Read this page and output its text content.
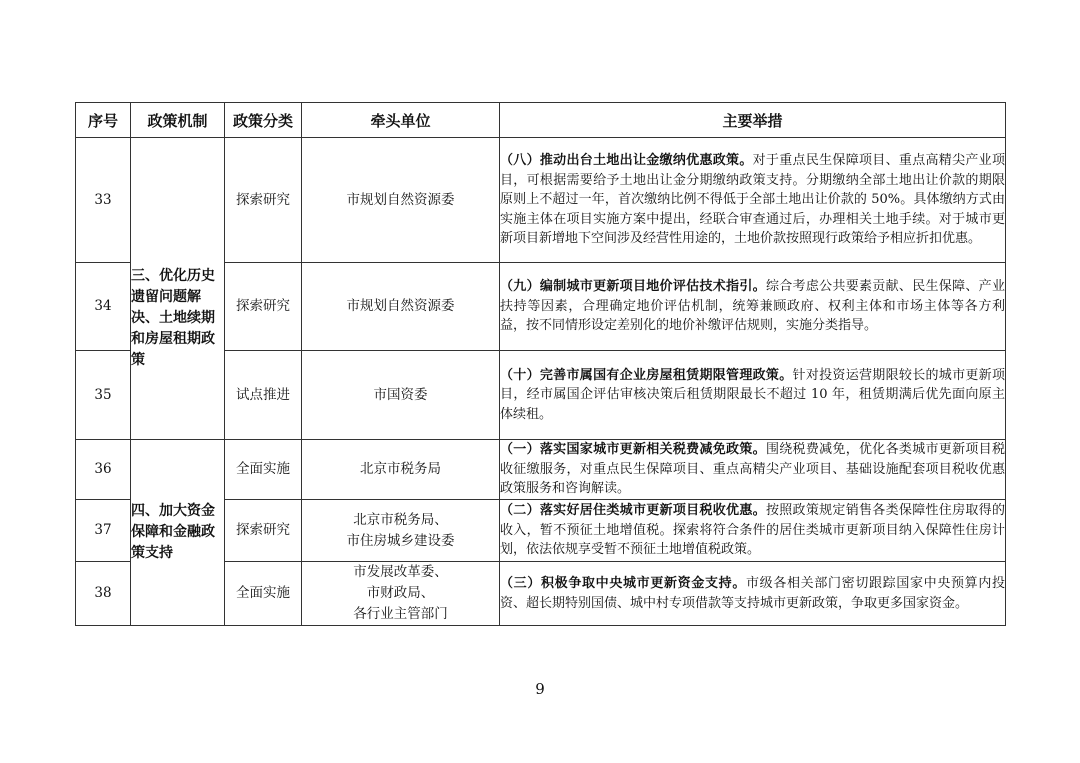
序号	政策机制	政策分类	牵头单位	主要举措
33	三、优化历史遗留问题解决、土地续期和房屋租期政策	探索研究	市规划自然资源委	（八）推动出台土地出让金缴纳优惠政策。对于重点民生保障项目、重点高精尖产业项目，可根据需要给予土地出让金分期缴纳政策支持。分期缴纳全部土地出让价款的期限原则上不超过一年，首次缴纳比例不得低于全部土地出让价款的 50%。具体缴纳方式由实施主体在项目实施方案中提出，经联合审查通过后，办理相关土地手续。对于城市更新项目新增地下空间涉及经营性用途的，土地价款按照现行政策给予相应折扣优惠。
34		探索研究	市规划自然资源委	（九）编制城市更新项目地价评估技术指引。综合考虑公共要素贡献、民生保障、产业扶持等因素，合理确定地价评估机制，统筹兼顾政府、权利主体和市场主体等各方利益，按不同情形设定差别化的地价补缴评估规则，实施分类指导。
35		试点推进	市国资委	（十）完善市属国有企业房屋租赁期限管理政策。针对投资运营期限较长的城市更新项目，经市属国企评估审核决策后租赁期限最长不超过 10 年，租赁期满后优先面向原主体续租。
36	四、加大资金保障和金融政策支持	全面实施	北京市税务局	（一）落实国家城市更新相关税费减免政策。围绕税费减免，优化各类城市更新项目税收征缴服务，对重点民生保障项目、重点高精尖产业项目、基础设施配套项目税收优惠政策服务和咨询解读。
37		探索研究	北京市税务局、
市住房城乡建设委	（二）落实好居住类城市更新项目税收优惠。按照政策规定销售各类保障性住房取得的收入，暂不预征土地增值税。探索将符合条件的居住类城市更新项目纳入保障性住房计划，依法依规享受暂不预征土地增值税政策。
38		全面实施	市发展改革委、
市财政局、
各行业主管部门	（三）积极争取中央城市更新资金支持。市级各相关部门密切跟踪国家中央预算内投资、超长期特别国债、城中村专项借款等支持城市更新政策，争取更多国家资金。
9
